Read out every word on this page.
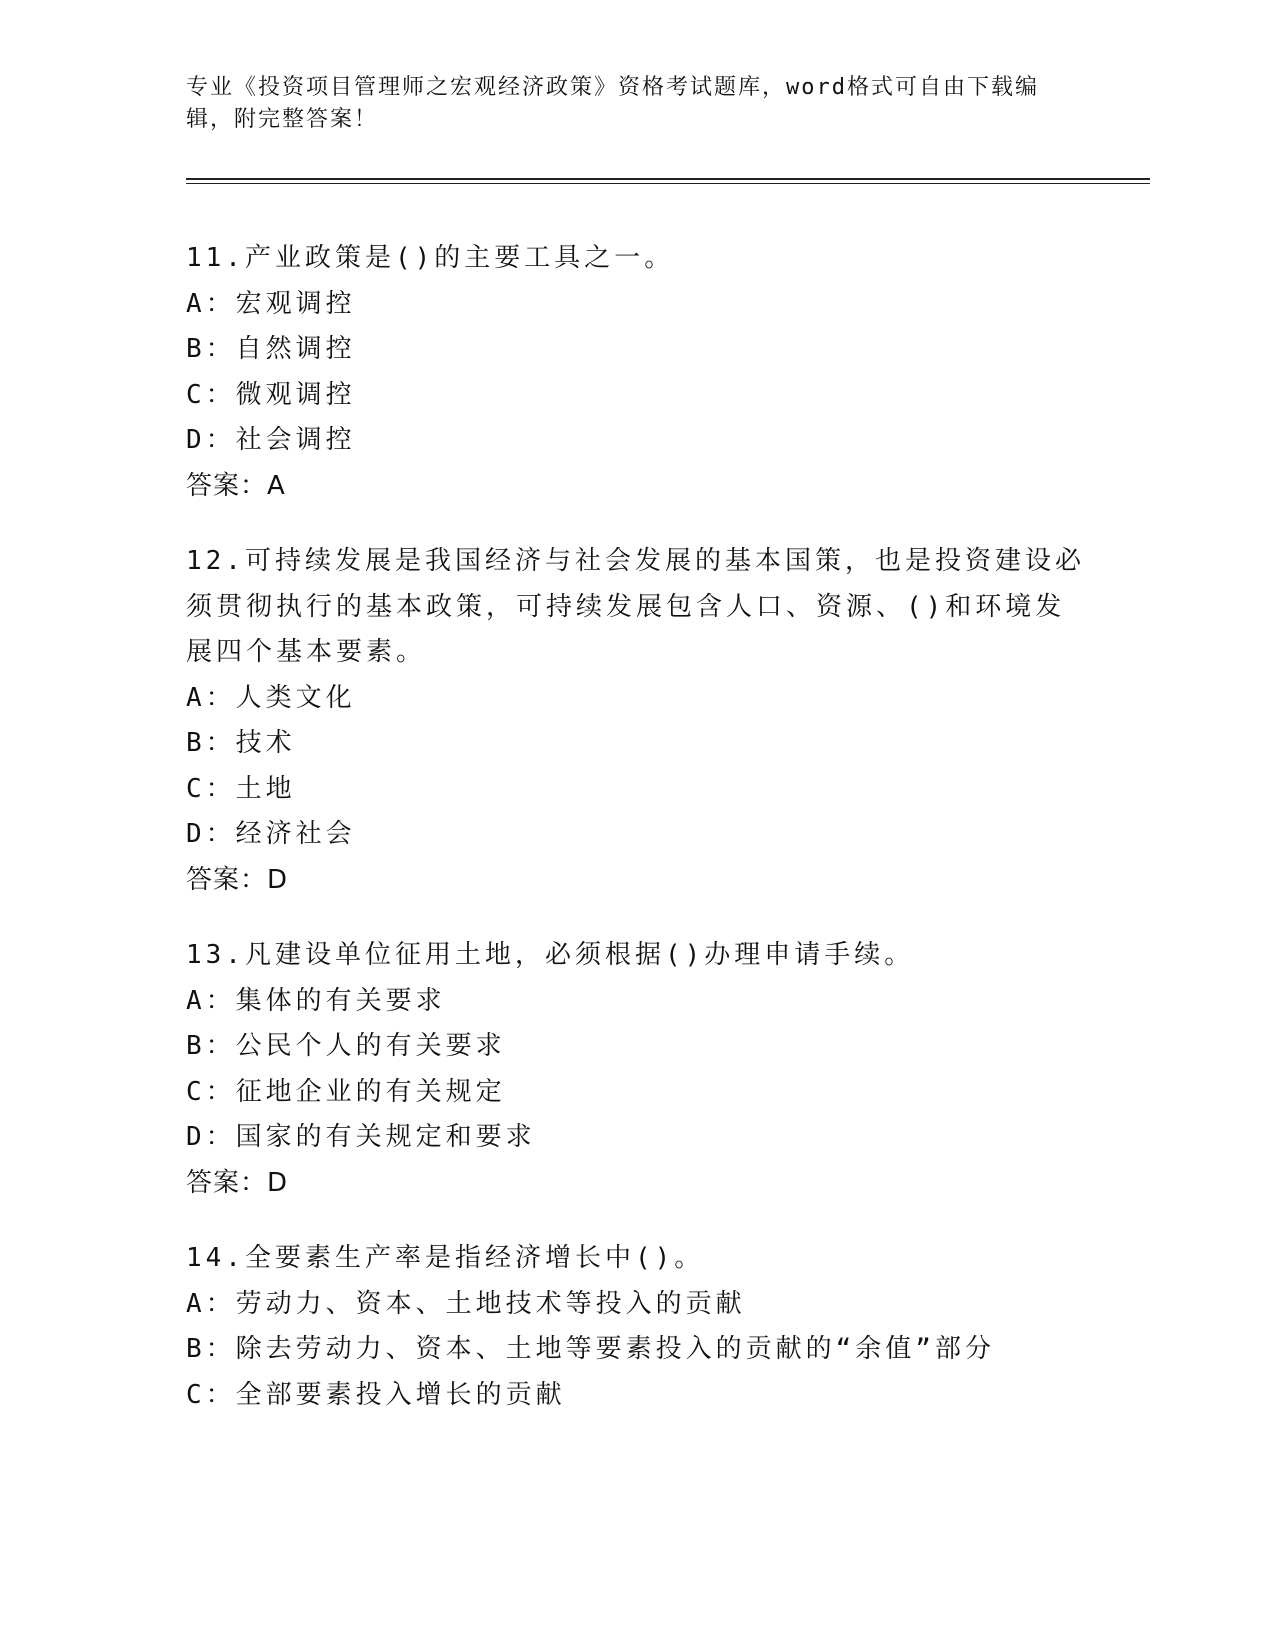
专业《投资项目管理师之宏观经济政策》资格考试题库，word格式可自由下载编辑，附完整答案！
11.产业政策是()的主要工具之一。
A：宏观调控
B：自然调控
C：微观调控
D：社会调控
答案：A
12.可持续发展是我国经济与社会发展的基本国策，也是投资建设必须贯彻执行的基本政策，可持续发展包含人口、资源、()和环境发展四个基本要素。
A：人类文化
B：技术
C：土地
D：经济社会
答案：D
13.凡建设单位征用土地，必须根据()办理申请手续。
A：集体的有关要求
B：公民个人的有关要求
C：征地企业的有关规定
D：国家的有关规定和要求
答案：D
14.全要素生产率是指经济增长中()。
A：劳动力、资本、土地技术等投入的贡献
B：除去劳动力、资本、土地等要素投入的贡献的“余值”部分
C：全部要素投入增长的贡献
